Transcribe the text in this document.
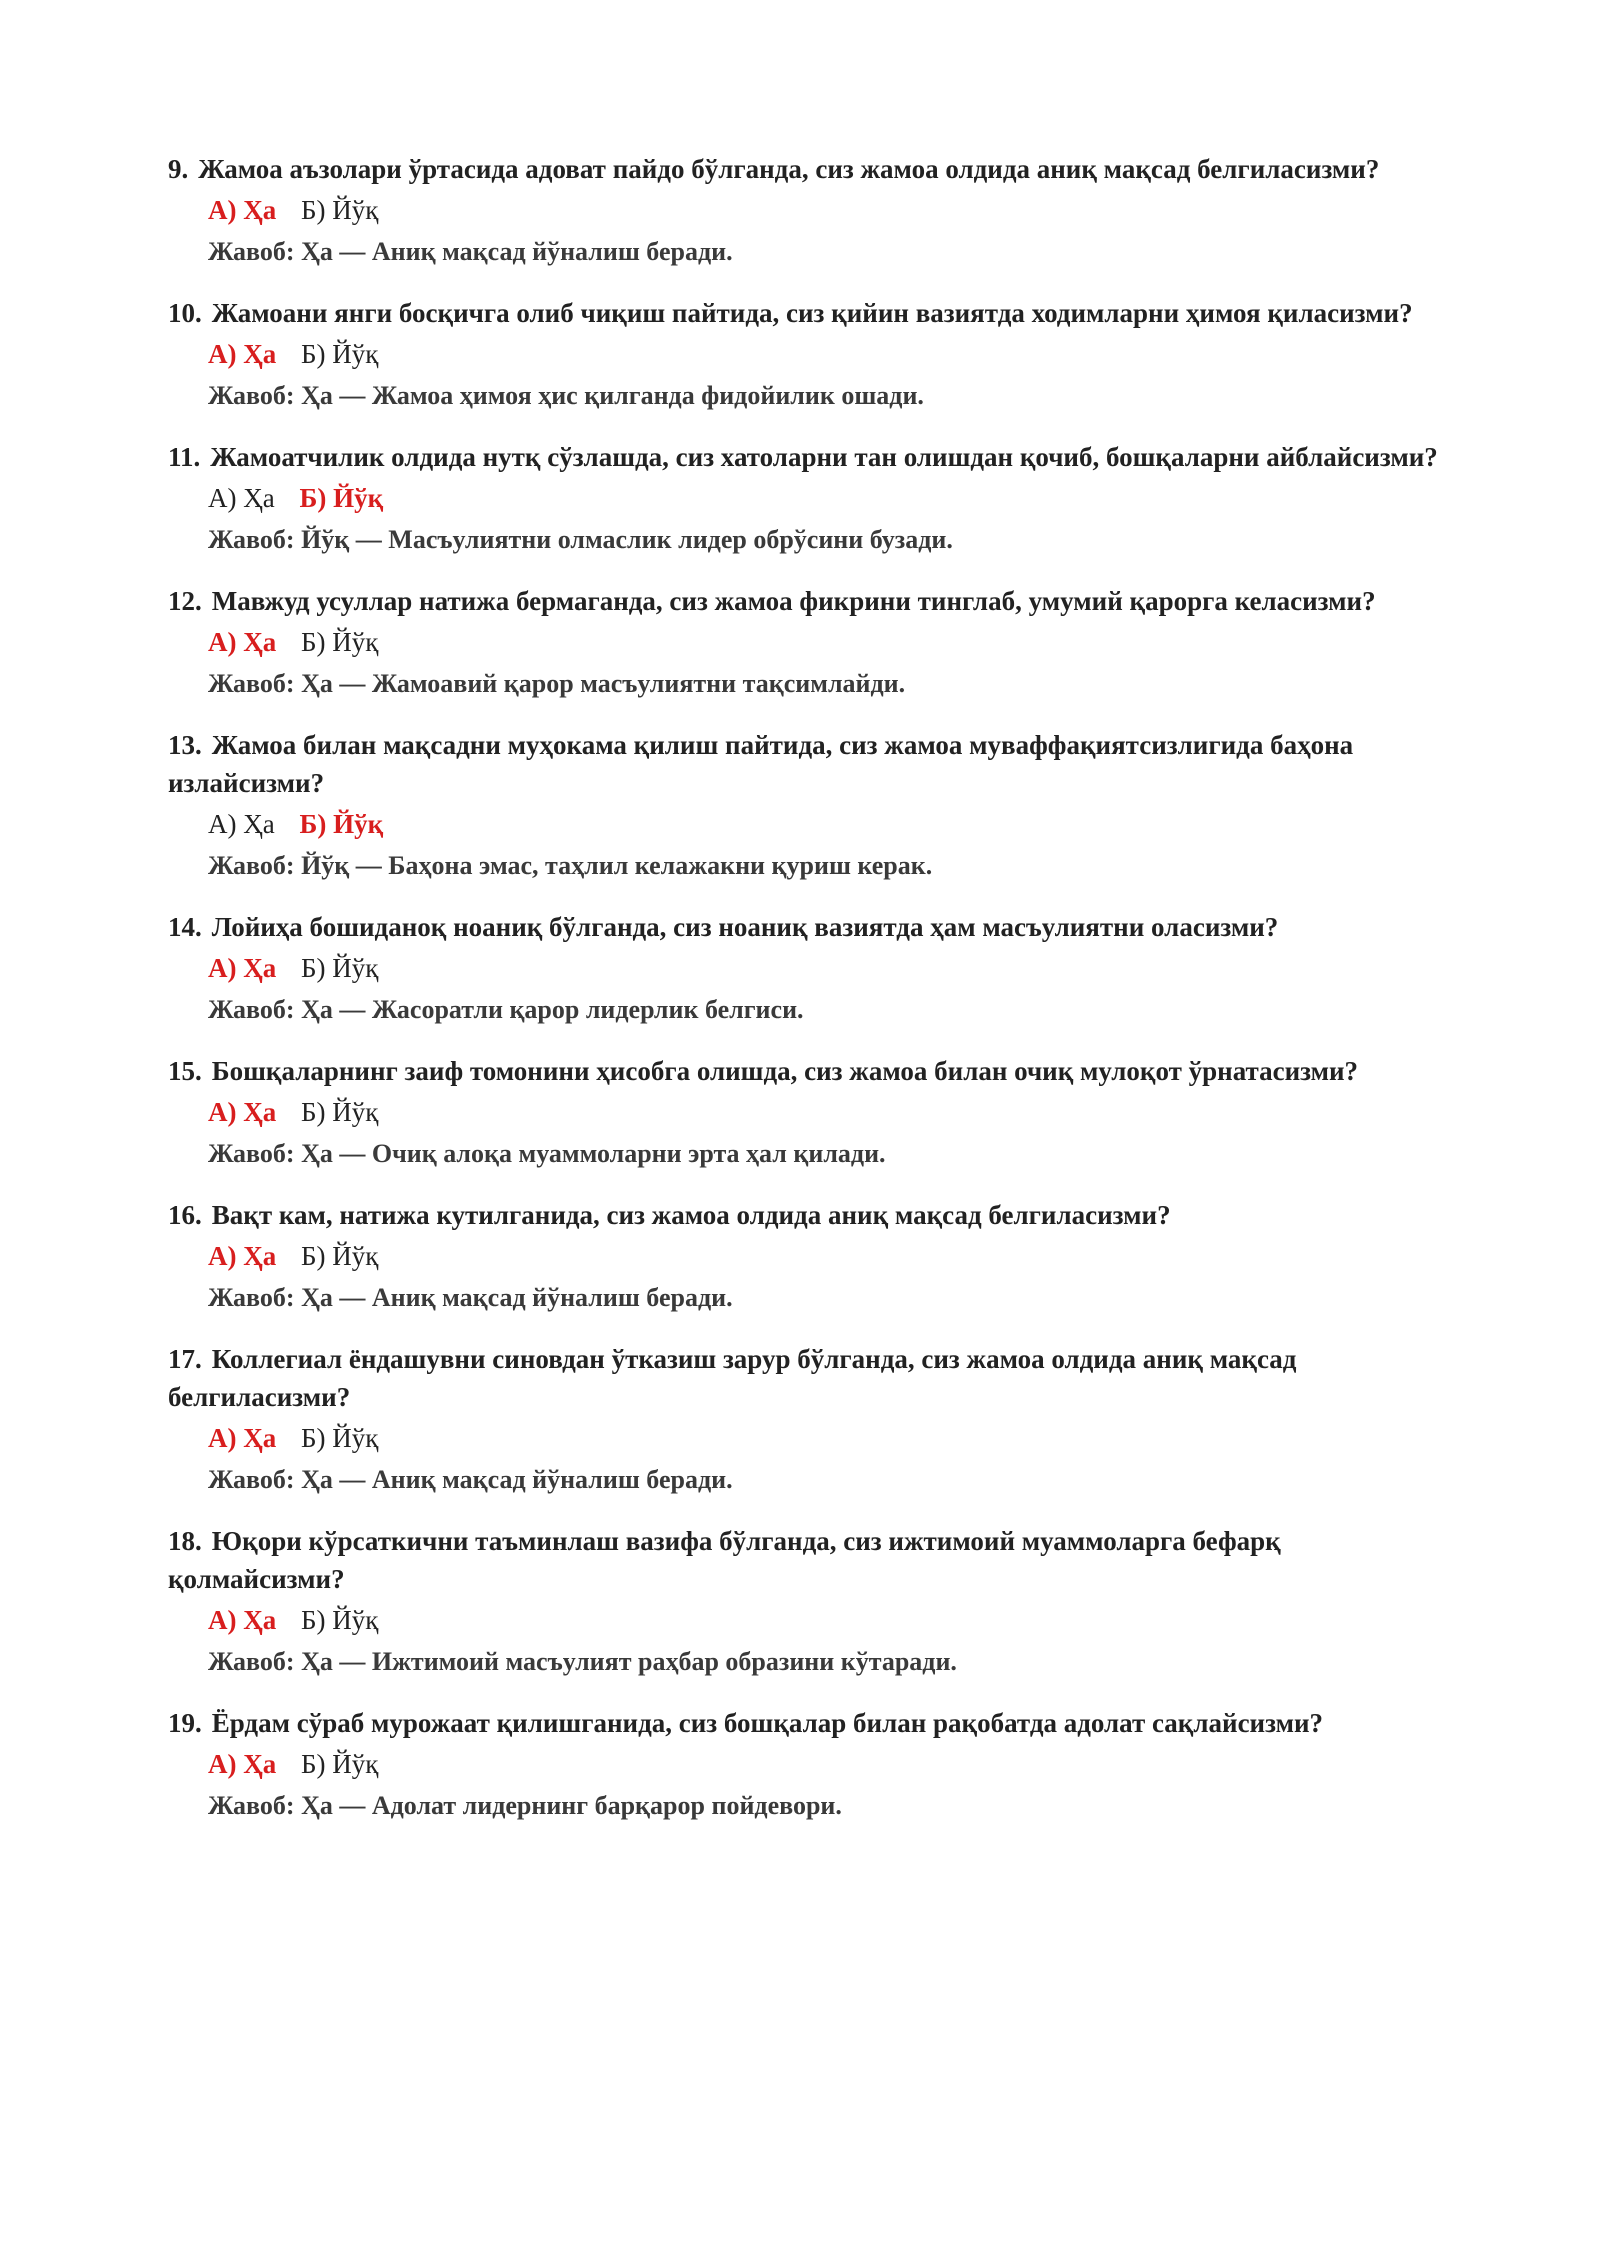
9. Жамоа аъзолари ўртасида адоват пайдо бўлганда, сиз жамоа олдида аниқ мақсад белгиласизми?
А) Ҳа Б) Йўқ
Жавоб: Ҳа — Аниқ мақсад йўналиш беради.
10. Жамоани янги босқичга олиб чиқиш пайтида, сиз қийин вазиятда ходимларни ҳимоя қиласизми?
А) Ҳа Б) Йўқ
Жавоб: Ҳа — Жамоа ҳимоя ҳис қилганда фидойилик ошади.
11. Жамоатчилик олдида нутқ сўзлашда, сиз хатоларни тан олишдан қочиб, бошқаларни айблайсизми?
А) Ҳа Б) Йўқ
Жавоб: Йўқ — Масъулиятни олмаслик лидер обрўсини бузади.
12. Мавжуд усуллар натижа бермаганда, сиз жамоа фикрини тинглаб, умумий қарорга келасизми?
А) Ҳа Б) Йўқ
Жавоб: Ҳа — Жамоавий қарор масъулиятни тақсимлайди.
13. Жамоа билан мақсадни муҳокама қилиш пайтида, сиз жамоа муваффақиятсизлигида баҳона излайсизми?
А) Ҳа Б) Йўқ
Жавоб: Йўқ — Баҳона эмас, таҳлил келажакни қуриш керак.
14. Лойиҳа бошиданоқ ноаниқ бўлганда, сиз ноаниқ вазиятда ҳам масъулиятни оласизми?
А) Ҳа Б) Йўқ
Жавоб: Ҳа — Жасоратли қарор лидерлик белгиси.
15. Бошқаларнинг заиф томонини ҳисобга олишда, сиз жамоа билан очиқ мулоқот ўрнатасизми?
А) Ҳа Б) Йўқ
Жавоб: Ҳа — Очиқ алоқа муаммоларни эрта ҳал қилади.
16. Вақт кам, натижа кутилганида, сиз жамоа олдида аниқ мақсад белгиласизми?
А) Ҳа Б) Йўқ
Жавоб: Ҳа — Аниқ мақсад йўналиш беради.
17. Коллегиал ёндашувни синовдан ўтказиш зарур бўлганда, сиз жамоа олдида аниқ мақсад белгиласизми?
А) Ҳа Б) Йўқ
Жавоб: Ҳа — Аниқ мақсад йўналиш беради.
18. Юқори кўрсаткични таъминлаш вазифа бўлганда, сиз ижтимоий муаммоларга бефарқ қолмайсизми?
А) Ҳа Б) Йўқ
Жавоб: Ҳа — Ижтимоий масъулият раҳбар образини кўтаради.
19. Ёрдам сўраб мурожаат қилишганида, сиз бошқалар билан рақобатда адолат сақлайсизми?
А) Ҳа Б) Йўқ
Жавоб: Ҳа — Адолат лидернинг барқарор пойдевори.
